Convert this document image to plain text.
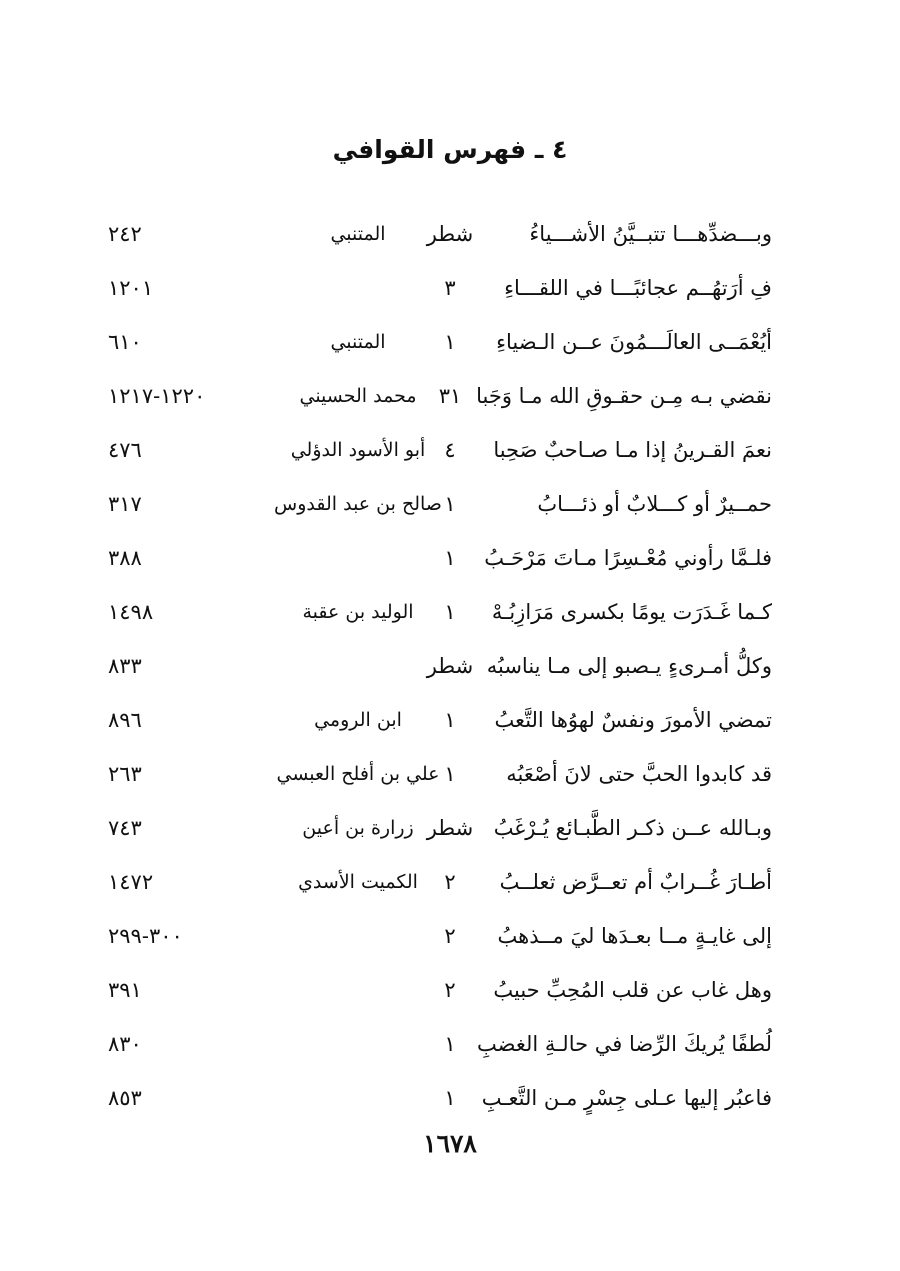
٤ ـ فهرس القوافي
وبـــضدِّهـــا تتبــيَّنُ الأشـــياءُ
شطر
المتنبي
٢٤٢
فِ أرَتهُــم عجائبًـــا في اللقـــاءِ
٣
١٢٠١
أيُعْمَــى العالَـــمُونَ عــن الـضياءِ
١
المتنبي
٦١٠
نقضي بـه مِـن حقـوقِ الله مـا وَجَبا
٣١
محمد الحسيني
١٢٢٠-١٢١٧
نعمَ القـرينُ إذا مـا صـاحبٌ صَحِبا
٤
أبو الأسود الدؤلي
٤٧٦
حمــيرٌ أو كـــلابٌ أو ذئـــابُ
١
صالح بن عبد القدوس
٣١٧
فلـمَّا رأوني مُعْـسِرًا مـاتَ مَرْحَـبُ
١
٣٨٨
كـما غَـدَرَت يومًا بكسرى مَرَازِبُـهْ
١
الوليد بن عقبة
١٤٩٨
وكلُّ أمـرىءٍ يـصبو إلى مـا يناسبُه
شطر
٨٣٣
تمضي الأمورَ ونفسٌ لهوُها التَّعبُ
١
ابن الرومي
٨٩٦
قد كابدوا الحبَّ حتى لانَ أصْعَبُه
١
علي بن أفلح العبسي
٢٦٣
وبـالله عــن ذكـر الطَّبـائع يُـرْغَبُ
شطر
زرارة بن أعين
٧٤٣
أطـارَ غُــرابٌ أم تعــرَّض ثعلــبُ
٢
الكميت الأسدي
١٤٧٢
إلى غايـةٍ مــا بعـدَها ليَ مــذهبُ
٢
٣٠٠-٢٩٩
وهل غاب عن قلب المُحِبِّ حبيبُ
٢
٣٩١
لُطفًا يُريكَ الرِّضا في حالـةِ الغضبِ
١
٨٣٠
فاعبُر إليها عـلى جِسْرٍ مـن التَّعـبِ
١
٨٥٣
١٦٧٨
